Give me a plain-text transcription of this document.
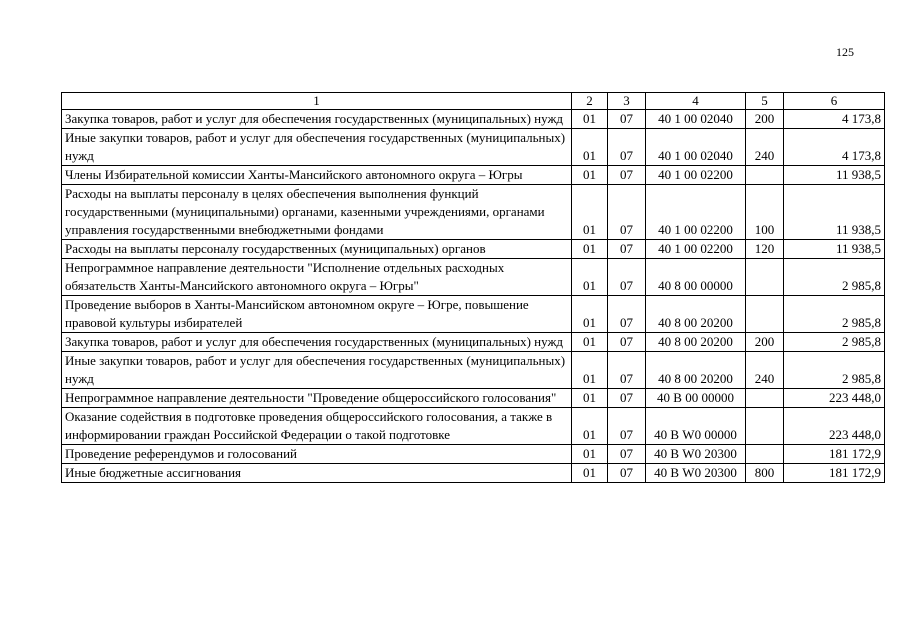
125
1	2	3	4	5	6
Закупка товаров, работ и услуг для обеспечения государственных (муниципальных) нужд	01	07	40 1 00 02040	200	4 173,8
Иные закупки товаров, работ и услуг для обеспечения государственных (муниципальных) нужд	01	07	40 1 00 02040	240	4 173,8
Члены Избирательной комиссии Ханты-Мансийского автономного округа – Югры	01	07	40 1 00 02200		11 938,5
Расходы на выплаты персоналу в целях обеспечения выполнения функций государственными (муниципальными) органами, казенными учреждениями, органами управления государственными внебюджетными фондами	01	07	40 1 00 02200	100	11 938,5
Расходы на выплаты персоналу государственных (муниципальных) органов	01	07	40 1 00 02200	120	11 938,5
Непрограммное направление деятельности "Исполнение отдельных расходных обязательств Ханты-Мансийского автономного округа – Югры"	01	07	40 8 00 00000		2 985,8
Проведение выборов в Ханты-Мансийском автономном округе – Югре, повышение правовой культуры избирателей	01	07	40 8 00 20200		2 985,8
Закупка товаров, работ и услуг для обеспечения государственных (муниципальных) нужд	01	07	40 8 00 20200	200	2 985,8
Иные закупки товаров, работ и услуг для обеспечения государственных (муниципальных) нужд	01	07	40 8 00 20200	240	2 985,8
Непрограммное направление деятельности "Проведение общероссийского голосования"	01	07	40 В 00 00000		223 448,0
Оказание содействия в подготовке проведения общероссийского голосования, а также в информировании граждан Российской Федерации о такой подготовке	01	07	40 В W0 00000		223 448,0
Проведение референдумов и голосований	01	07	40 В W0 20300		181 172,9
Иные бюджетные ассигнования	01	07	40 В W0 20300	800	181 172,9
